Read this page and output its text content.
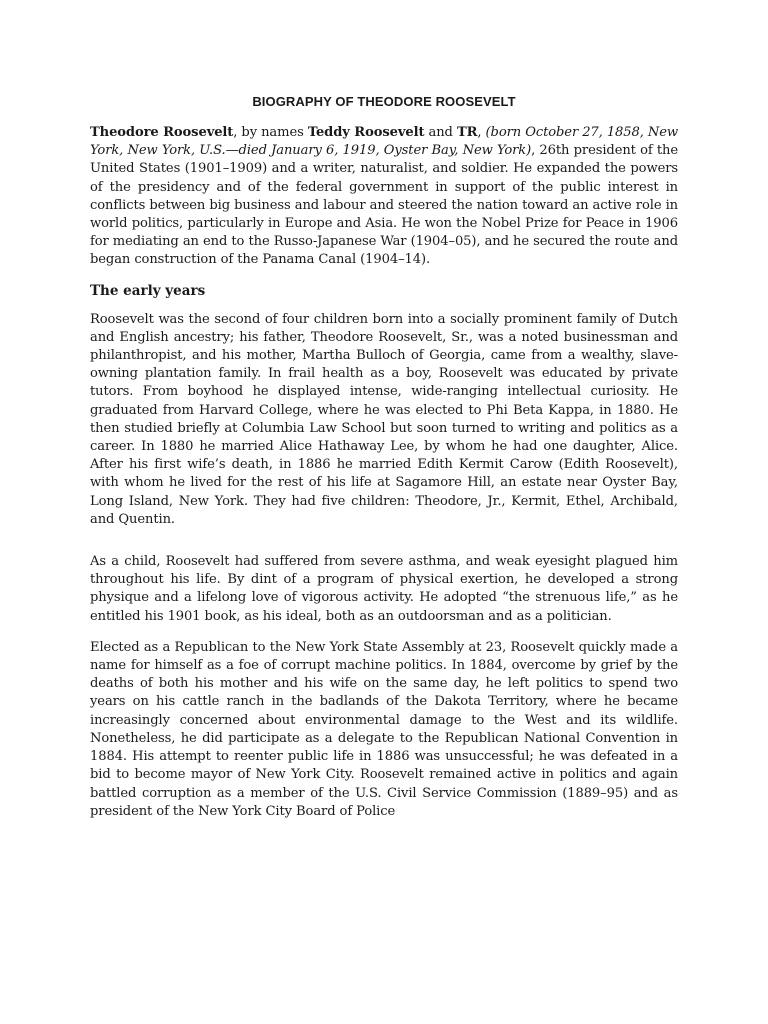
BIOGRAPHY OF THEODORE ROOSEVELT

Theodore Roosevelt, by names Teddy Roosevelt and TR, (born October 27, 1858, New York, New York, U.S.—died January 6, 1919, Oyster Bay, New York), 26th president of the United States (1901–1909) and a writer, naturalist, and soldier. He expanded the powers of the presidency and of the federal government in support of the public interest in conflicts between big business and labour and steered the nation toward an active role in world politics, particularly in Europe and Asia. He won the Nobel Prize for Peace in 1906 for mediating an end to the Russo-Japanese War (1904–05), and he secured the route and began construction of the Panama Canal (1904–14).

The early years

Roosevelt was the second of four children born into a socially prominent family of Dutch and English ancestry; his father, Theodore Roosevelt, Sr., was a noted businessman and philanthropist, and his mother, Martha Bulloch of Georgia, came from a wealthy, slave-owning plantation family. In frail health as a boy, Roosevelt was educated by private tutors. From boyhood he displayed intense, wide-ranging intellectual curiosity. He graduated from Harvard College, where he was elected to Phi Beta Kappa, in 1880. He then studied briefly at Columbia Law School but soon turned to writing and politics as a career. In 1880 he married Alice Hathaway Lee, by whom he had one daughter, Alice. After his first wife’s death, in 1886 he married Edith Kermit Carow (Edith Roosevelt), with whom he lived for the rest of his life at Sagamore Hill, an estate near Oyster Bay, Long Island, New York. They had five children: Theodore, Jr., Kermit, Ethel, Archibald, and Quentin.

As a child, Roosevelt had suffered from severe asthma, and weak eyesight plagued him throughout his life. By dint of a program of physical exertion, he developed a strong physique and a lifelong love of vigorous activity. He adopted “the strenuous life,” as he entitled his 1901 book, as his ideal, both as an outdoorsman and as a politician.

Elected as a Republican to the New York State Assembly at 23, Roosevelt quickly made a name for himself as a foe of corrupt machine politics. In 1884, overcome by grief by the deaths of both his mother and his wife on the same day, he left politics to spend two years on his cattle ranch in the badlands of the Dakota Territory, where he became increasingly concerned about environmental damage to the West and its wildlife. Nonetheless, he did participate as a delegate to the Republican National Convention in 1884. His attempt to reenter public life in 1886 was unsuccessful; he was defeated in a bid to become mayor of New York City. Roosevelt remained active in politics and again battled corruption as a member of the U.S. Civil Service Commission (1889–95) and as president of the New York City Board of Police
